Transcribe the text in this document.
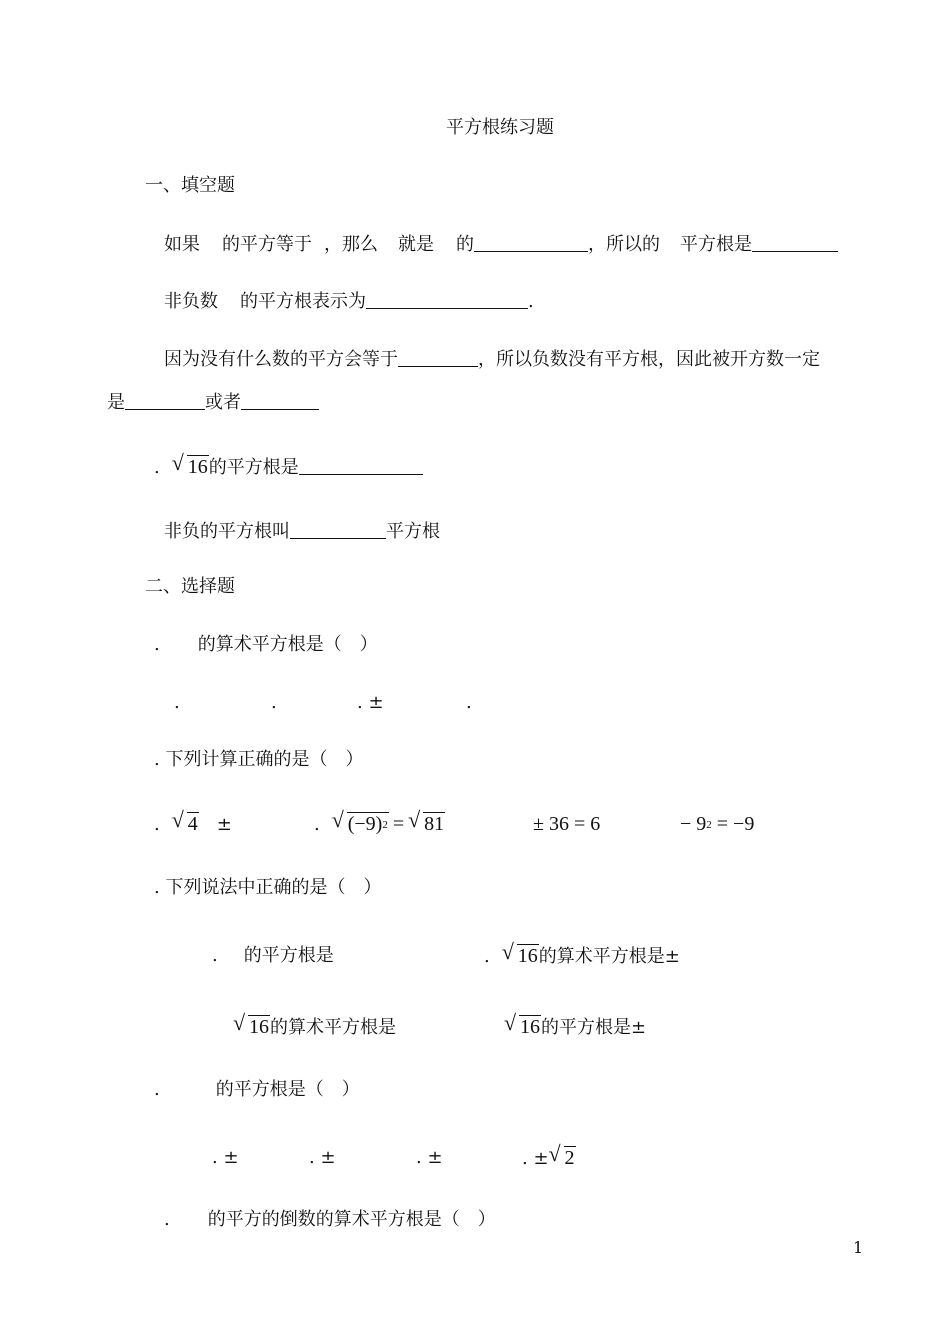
平方根练习题
一、填空题
如果 的平方等于 ，那么 就是 的	，所以的 平方根是
非负数 的平方根表示为	.
因为没有什么数的平方会等于	，所以负数没有平方根，因此被开方数一定
是	或者
. √ 16的平方根是
非负的平方根叫	平方根
二、选择题
. 的算术平方根是（　）
.	.	. ±	.
. 下列计算正确的是（　）
. √ 4 ±	. √ (−9)2 = √ 81	± 36 = 6	− 92 = −9
. 下列说法中正确的是（　）
. 的平方根是	. √ 16的算术平方根是±
√ 16的算术平方根是	√ 16的平方根是±
.	的平方根是（　）
. ±	. ±	. ±	. ± √ 2
. 的平方的倒数的算术平方根是（　）
1
